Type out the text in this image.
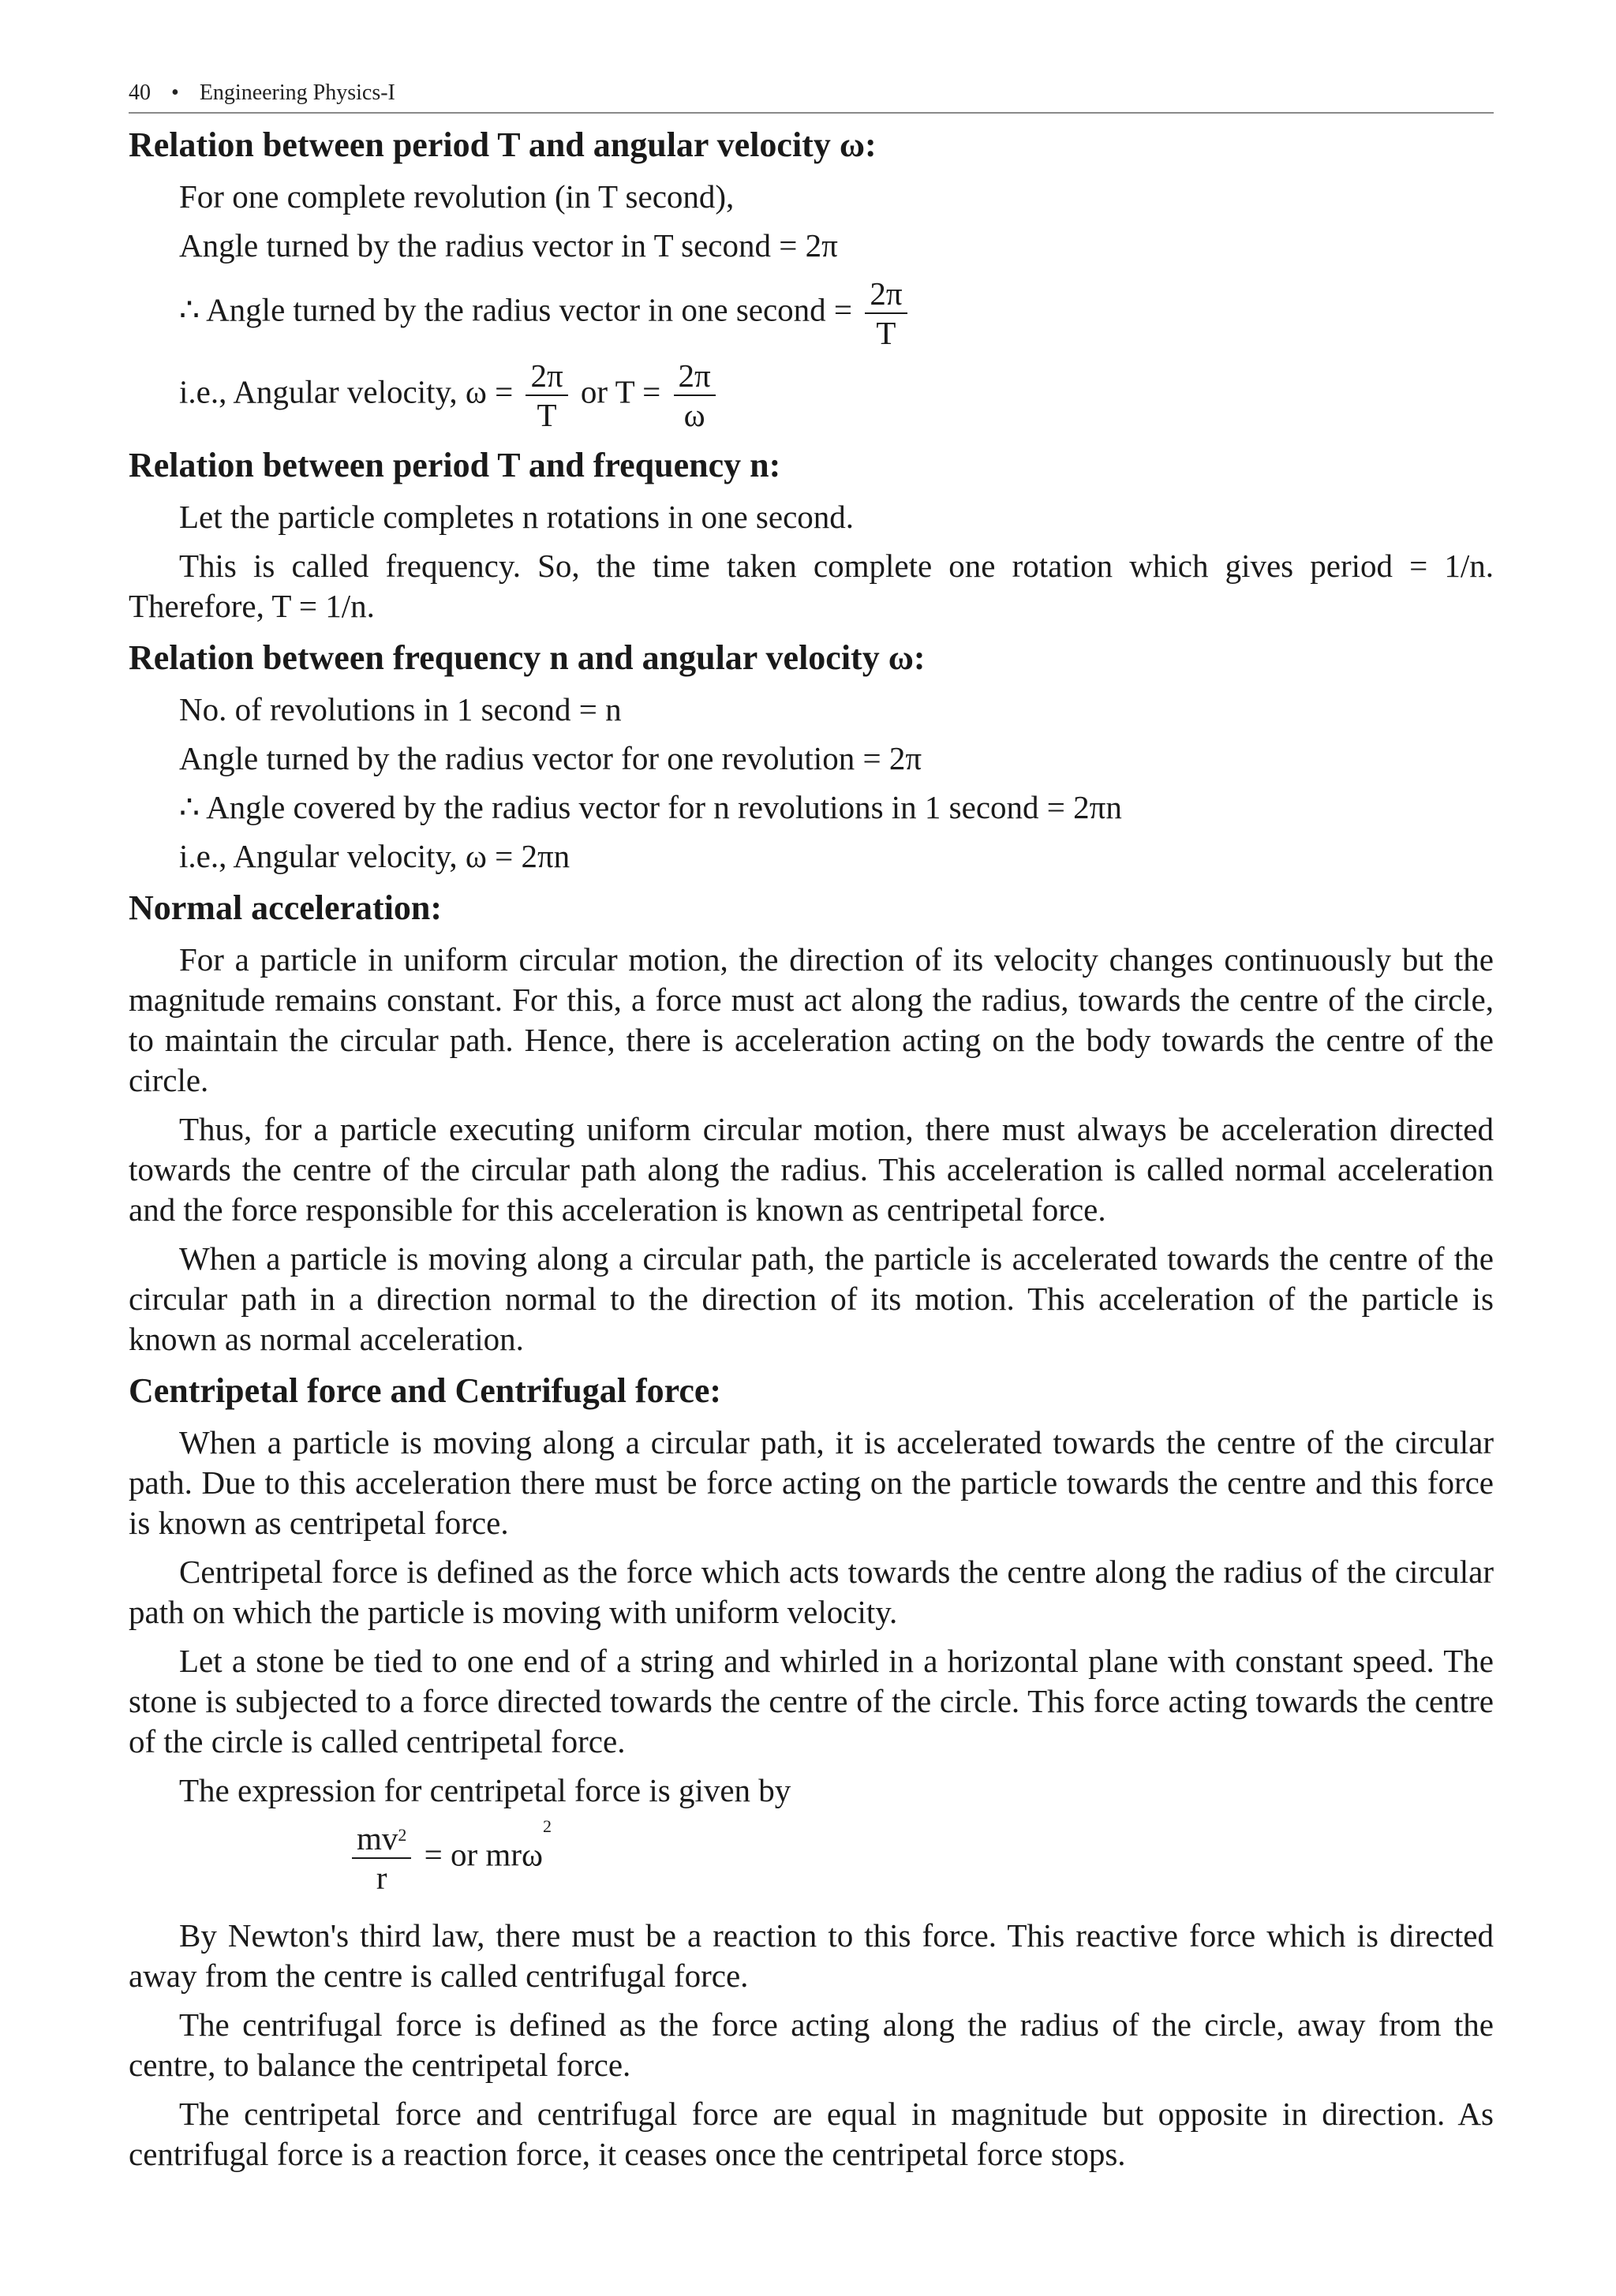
40 • Engineering Physics-I
Relation between period T and angular velocity ω:

For one complete revolution (in T second),

Angle turned by the radius vector in T second = 2π

∴ Angle turned by the radius vector in one second = $\frac{2\pi}{T}$
i.e., Angular velocity, $\omega = \frac{2\pi}{T}$ or $T = \frac{2\pi}{\omega}$
Relation between period T and frequency n:

Let the particle completes n rotations in one second.

This is called frequency. So, the time taken complete one rotation which gives period = 1/n. Therefore, T = 1/n.

Relation between frequency n and angular velocity ω:

No. of revolutions in 1 second = n

Angle turned by the radius vector for one revolution = 2π

∴ Angle covered by the radius vector for n revolutions in 1 second = 2πn

i.e., Angular velocity, ω = 2πn

Normal acceleration:

For a particle in uniform circular motion, the direction of its velocity changes continuously but the magnitude remains constant. For this, a force must act along the radius, towards the centre of the circle, to maintain the circular path. Hence, there is acceleration acting on the body towards the centre of the circle.

Thus, for a particle executing uniform circular motion, there must always be acceleration directed towards the centre of the circular path along the radius. This acceleration is called normal acceleration and the force responsible for this acceleration is known as centripetal force.

When a particle is moving along a circular path, the particle is accelerated towards the centre of the circular path in a direction normal to the direction of its motion. This acceleration of the particle is known as normal acceleration.

Centripetal force and Centrifugal force:

When a particle is moving along a circular path, it is accelerated towards the centre of the circular path. Due to this acceleration there must be force acting on the particle towards the centre and this force is known as centripetal force.

Centripetal force is defined as the force which acts towards the centre along the radius of the circular path on which the particle is moving with uniform velocity.

Let a stone be tied to one end of a string and whirled in a horizontal plane with constant speed. The stone is subjected to a force directed towards the centre of the circle. This force acting towards the centre of the circle is called centripetal force.

The expression for centripetal force is given by

$\frac{mv^2}{r}$ = or mrω$^2$

By Newton's third law, there must be a reaction to this force. This reactive force which is directed away from the centre is called centrifugal force.

The centrifugal force is defined as the force acting along the radius of the circle, away from the centre, to balance the centripetal force.

The centripetal force and centrifugal force are equal in magnitude but opposite in direction. As centrifugal force is a reaction force, it ceases once the centripetal force stops.
